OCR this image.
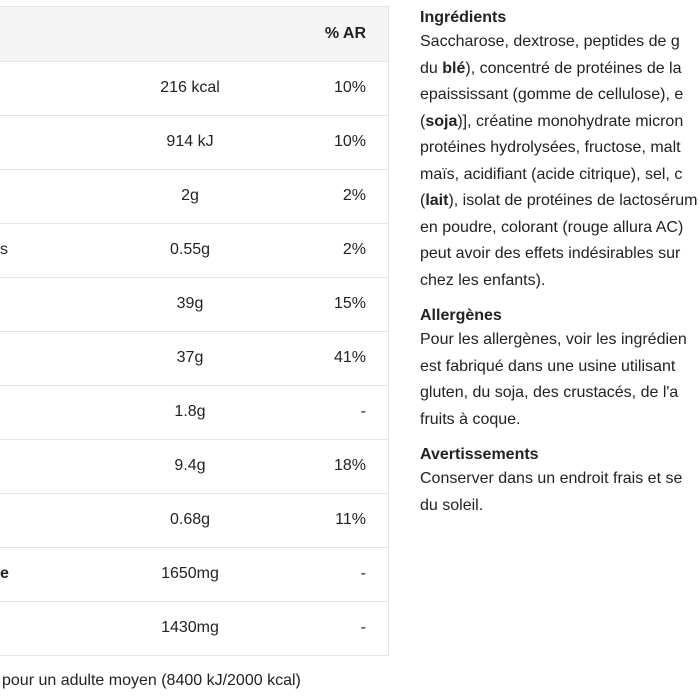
% AR
216 kcal	10%
914 kJ	10%
2g	2%
s	0.55g	2%
39g	15%
37g	41%
1.8g	-
9.4g	18%
0.68g	11%
e	1650mg	-
1430mg	-
pour un adulte moyen (8400 kJ/2000 kcal)
Ingrédients
Saccharose, dextrose, peptides de g
du blé), concentré de protéines de la
epaississant (gomme de cellulose), e
(soja)], créatine monohydrate micron
protéines hydrolysées, fructose, malt
maïs, acidifiant (acide citrique), sel, c
(lait), isolat de protéines de lactosérum
en poudre, colorant (rouge allura AC)
peut avoir des effets indésirables sur
chez les enfants).
Allergènes
Pour les allergènes, voir les ingrédien
est fabriqué dans une usine utilisant
gluten, du soja, des crustacés, de l'a
fruits à coque.
Avertissements
Conserver dans un endroit frais et se
du soleil.
